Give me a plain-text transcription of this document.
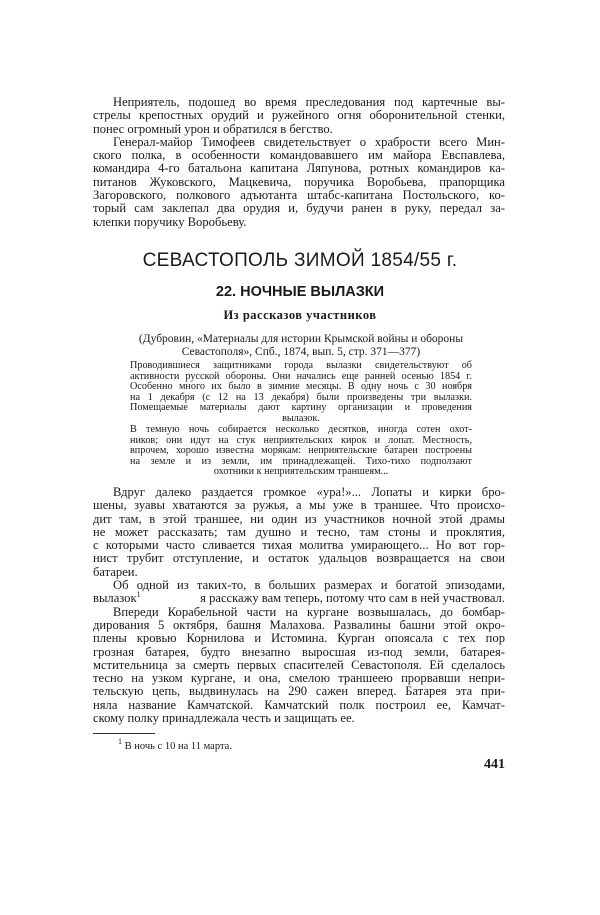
Неприятель, подошед во время преследования под картечные вы-
стрелы крепостных орудий и ружейного огня оборонительной стенки,
понес огромный урон и обратился в бегство.
Генерал-майор Тимофеев свидетельствует о храбрости всего Мин-
ского полка, в особенности командовавшего им майора Евспавлева,
командира 4-го батальона капитана Ляпунова, ротных командиров ка-
питанов Жуковского, Мацкевича, поручика Воробьева, прапорщика
Загоровского, полкового адъютанта штабс-капитана Постольского, ко-
торый сам заклепал два орудия и, будучи ранен в руку, передал за-
клепки поручику Воробьеву.
СЕВАСТОПОЛЬ ЗИМОЙ 1854/55 г.
22. НОЧНЫЕ ВЫЛАЗКИ
Из рассказов участников
(Дубровин, «Материалы для истории Крымской войны и обороны
Севастополя», Спб., 1874, вып. 5, стр. 371—377)
Проводившиеся защитниками города вылазки свидетельствуют об
активности русской обороны. Они начались еще ранней осенью 1854 г.
Особенно много их было в зимние месяцы. В одну ночь с 30 ноября
на 1 декабря (с 12 на 13 декабря) были произведены три вылазки.
Помещаемые материалы дают картину организации и проведения
вылазок.
В темную ночь собирается несколько десятков, иногда сотен охот-
ников; они идут на стук неприятельских кирок и лопат. Местность,
впрочем, хорошо известна морякам: неприятельские батареи построены
на земле и из земли, им принадлежащей. Тихо-тихо подползают
охотники к неприятельским траншеям...
Вдруг далеко раздается громкое «ура!»... Лопаты и кирки бро-
шены, зуавы хватаются за ружья, а мы уже в траншее. Что происхо-
дит там, в этой траншее, ни один из участников ночной этой драмы
не может рассказать; там душно и тесно, там стоны и проклятия,
с которыми часто сливается тихая молитва умирающего... Но вот гор-
нист трубит отступление, и остаток удальцов возвращается на свои
батареи.
Об одной из таких-то, в больших размерах и богатой эпизодами,
вылазок$^1$	я расскажу вам теперь, потому что сам в ней участвовал.
Впереди Корабельной части на кургане возвышалась, до бомбар-
дирования 5 октября, башня Малахова. Развалины башни этой окро-
плены кровью Корнилова и Истомина. Курган опоясала с тех пор
грозная батарея, будто внезапно выросшая из-под земли, батарея-
мстительница за смерть первых спасителей Севастополя. Ей сделалось
тесно на узком кургане, и она, смелою траншеею прорвавши непри-
тельскую цепь, выдвинулась на 290 сажен вперед. Батарея эта при-
няла название Камчатской. Камчатский полк построил ее, Камчат-
скому полку принадлежала честь и защищать ее.
$^1$ В ночь с 10 на 11 марта.
441
